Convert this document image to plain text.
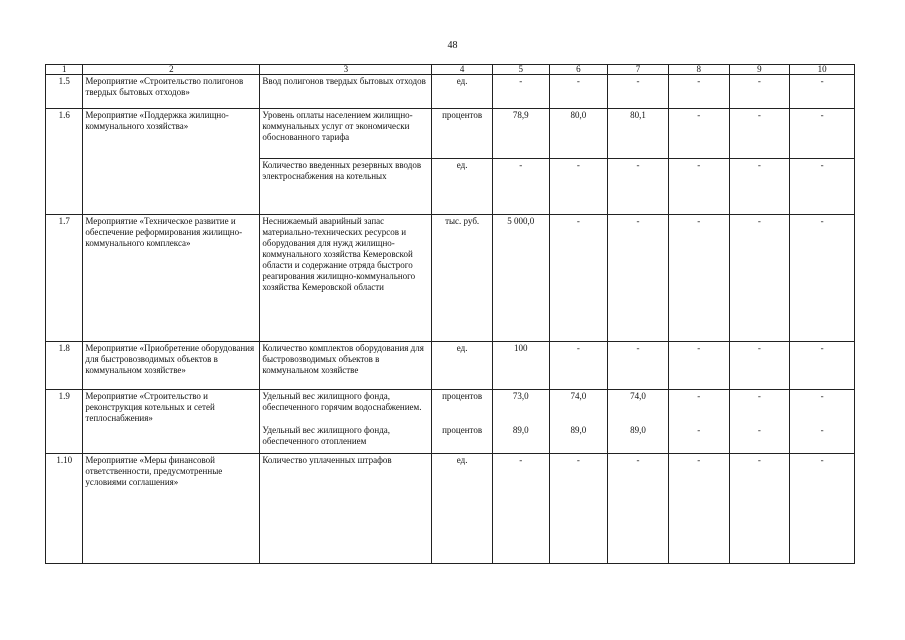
48
1	2	3	4	5	6	7	8	9	10
1.5	Мероприятие «Строительство полигонов твердых бытовых отходов»	Ввод полигонов твердых бытовых отходов	ед.	-	-	-	-	-	-
1.6	Мероприятие «Поддержка жилищно-коммунального хозяйства»	Уровень оплаты населением жилищно-коммунальных услуг от экономически обоснованного тарифа	процентов	78,9	80,0	80,1	-	-	-
		Количество введенных резервных вводов электроснабжения на котельных	ед.	-	-	-	-	-	-
1.7	Мероприятие «Техническое развитие и обеспечение реформирования жилищно-коммунального комплекса»	Неснижаемый аварийный запас материально-технических ресурсов и оборудования для нужд жилищно-коммунального хозяйства Кемеровской области и содержание отряда быстрого реагирования жилищно-коммунального хозяйства Кемеровской области	тыс. руб.	5 000,0	-	-	-	-	-
1.8	Мероприятие «Приобретение оборудования для быстровозводимых объектов в коммунальном хозяйстве»	Количество комплектов оборудования для быстровозводимых объектов в коммунальном хозяйстве	ед.	100	-	-	-	-	-
1.9	Мероприятие «Строительство и реконструкция котельных и сетей теплоснабжения»	Удельный вес жилищного фонда, обеспеченного горячим водоснабжением.	процентов	73,0	74,0	74,0	-	-	-
		Удельный вес жилищного фонда, обеспеченного отоплением	процентов	89,0	89,0	89,0	-	-	-
1.10	Мероприятие «Меры финансовой ответственности, предусмотренные условиями соглашения»	Количество уплаченных штрафов	ед.	-	-	-	-	-	-
